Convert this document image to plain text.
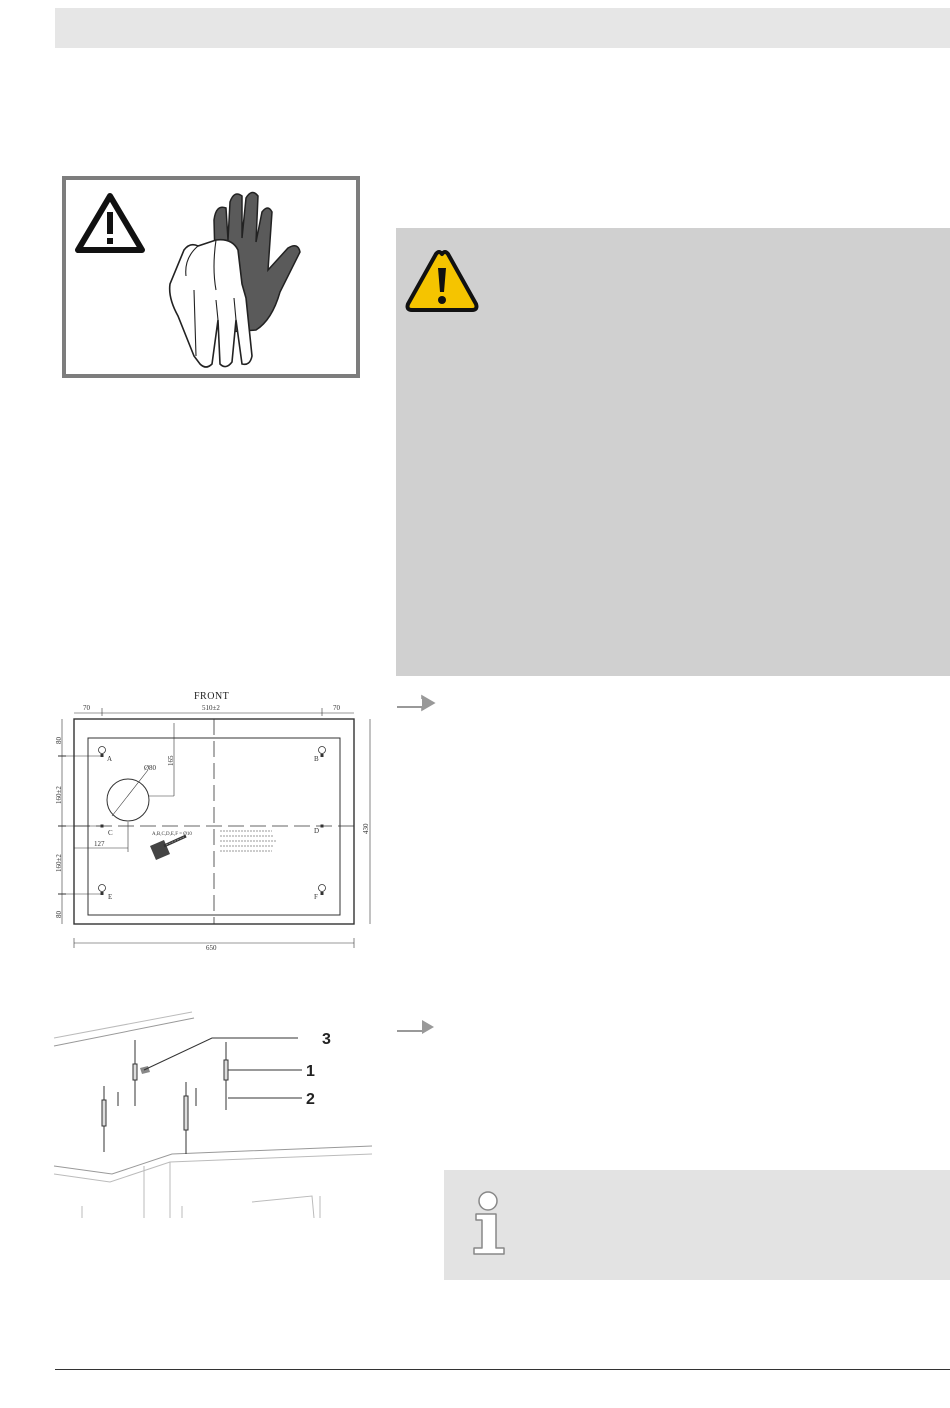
FRONT
70	510±2	70
80
160±2
160±2
80
430
650
165
Ø80
127
A	B
C	D
E	F
A,B,C,D,E,F = Ø10
3
1
2
